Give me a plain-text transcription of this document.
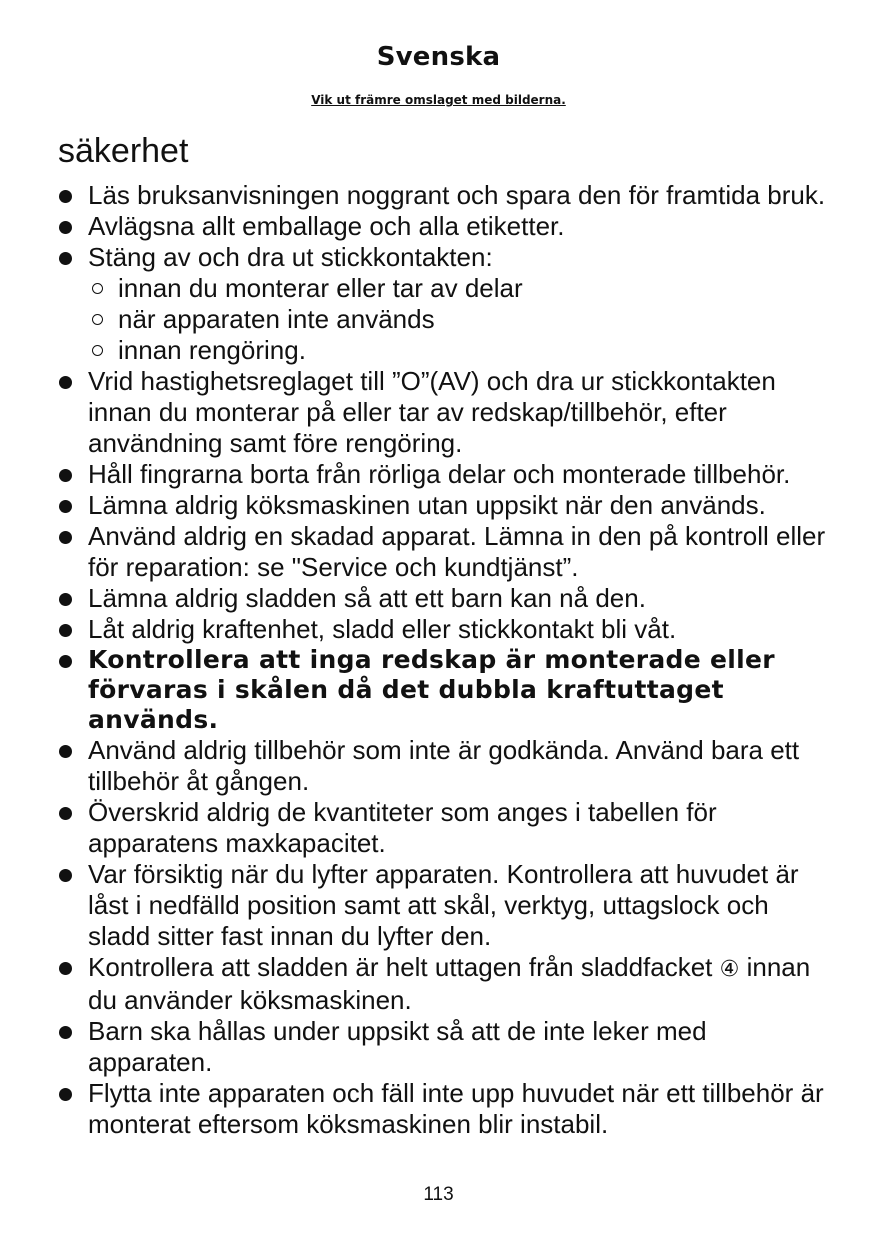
Svenska
Vik ut främre omslaget med bilderna.
säkerhet
Läs bruksanvisningen noggrant och spara den för framtida bruk.
Avlägsna allt emballage och alla etiketter.
Stäng av och dra ut stickkontakten:
innan du monterar eller tar av delar
när apparaten inte används
innan rengöring.
Vrid hastighetsreglaget till ”O”(AV) och dra ur stickkontakten innan du monterar på eller tar av redskap/tillbehör, efter användning samt före rengöring.
Håll fingrarna borta från rörliga delar och monterade tillbehör.
Lämna aldrig köksmaskinen utan uppsikt när den används.
Använd aldrig en skadad apparat. Lämna in den på kontroll eller för reparation: se "Service och kundtjänst”.
Lämna aldrig sladden så att ett barn kan nå den.
Låt aldrig kraftenhet, sladd eller stickkontakt bli våt.
Kontrollera att inga redskap är monterade eller förvaras i skålen då det dubbla kraftuttaget används.
Använd aldrig tillbehör som inte är godkända. Använd bara ett tillbehör åt gången.
Överskrid aldrig de kvantiteter som anges i tabellen för apparatens maxkapacitet.
Var försiktig när du lyfter apparaten. Kontrollera att huvudet är låst i nedfälld position samt att skål, verktyg, uttagslock och sladd sitter fast innan du lyfter den.
Kontrollera att sladden är helt uttagen från sladdfacket ④ innan du använder köksmaskinen.
Barn ska hållas under uppsikt så att de inte leker med apparaten.
Flytta inte apparaten och fäll inte upp huvudet när ett tillbehör är monterat eftersom köksmaskinen blir instabil.
113
